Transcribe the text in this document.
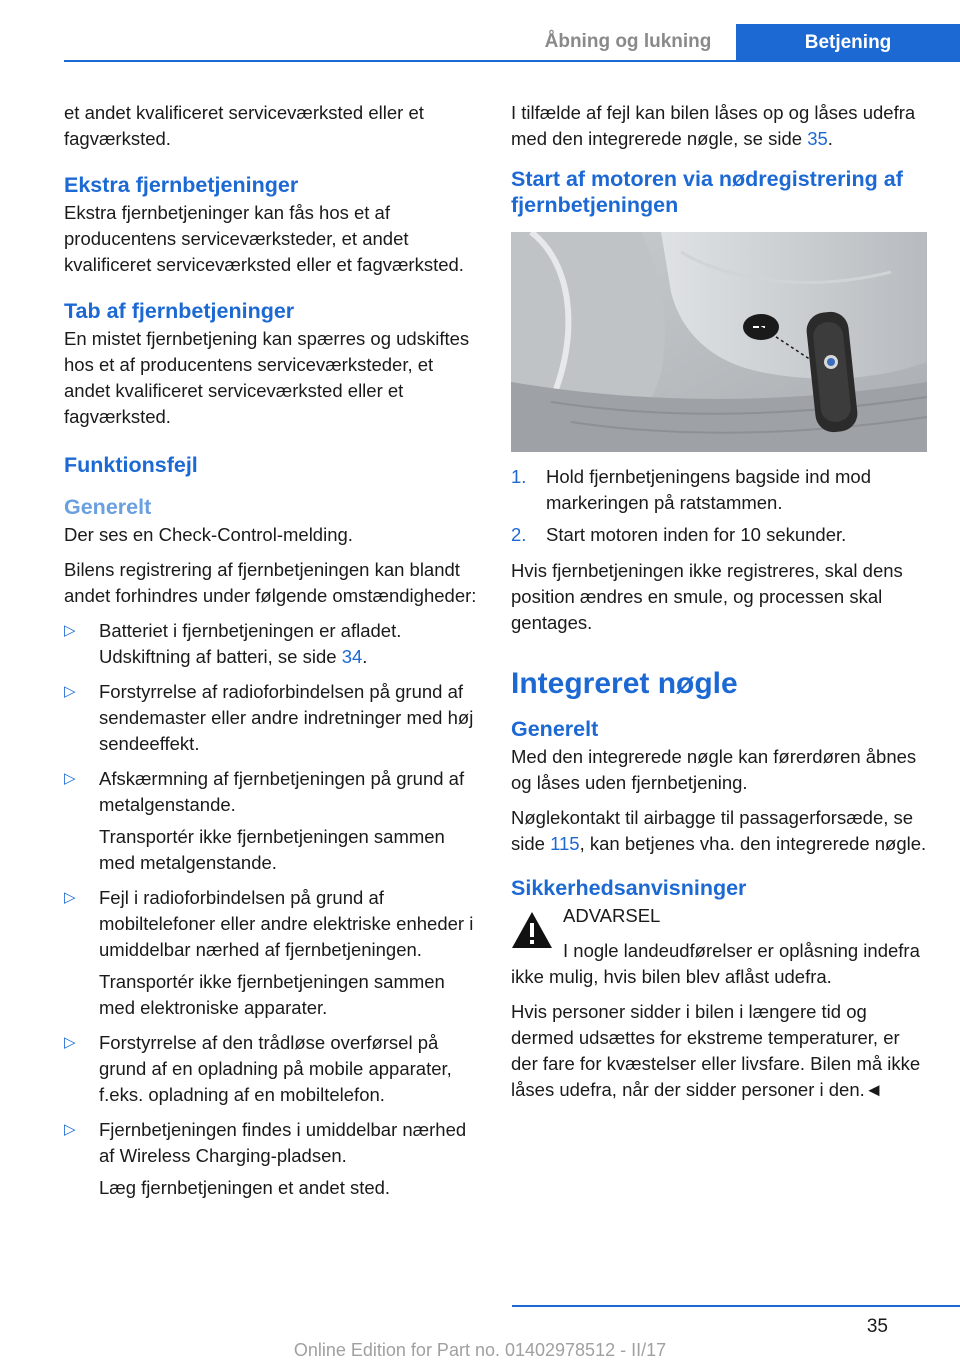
Åbning og lukning	Betjening

et andet kvalificeret serviceværksted eller et fagværksted.

Ekstra fjernbetjeninger

Ekstra fjernbetjeninger kan fås hos et af producentens serviceværksteder, et andet kvalificeret serviceværksted eller et fagværksted.

Tab af fjernbetjeninger

En mistet fjernbetjening kan spærres og udskiftes hos et af producentens serviceværksteder, et andet kvalificeret serviceværksted eller et fagværksted.

Funktionsfejl
Generelt

Der ses en Check-Control-melding.

Bilens registrering af fjernbetjeningen kan blandt andet forhindres under følgende omstændigheder:

▷ Batteriet i fjernbetjeningen er afladet. Udskiftning af batteri, se side 34.
▷ Forstyrrelse af radioforbindelsen på grund af sendemaster eller andre indretninger med høj sendeeffekt.
▷ Afskærmning af fjernbetjeningen på grund af metalgenstande.

Transportér ikke fjernbetjeningen sammen med metalgenstande.

▷ Fejl i radioforbindelsen på grund af mobiltelefoner eller andre elektriske enheder i umiddelbar nærhed af fjernbetjeningen.

Transportér ikke fjernbetjeningen sammen med elektroniske apparater.

▷ Forstyrrelse af den trådløse overførsel på grund af en opladning på mobile apparater, f.eks. opladning af en mobiltelefon.
▷ Fjernbetjeningen findes i umiddelbar nærhed af Wireless Charging-pladsen.

Læg fjernbetjeningen et andet sted.

I tilfælde af fejl kan bilen låses op og låses udefra med den integrerede nøgle, se side 35.

Start af motoren via nødregistrering af fjernbetjeningen
1. Hold fjernbetjeningens bagside ind mod markeringen på ratstammen.
2. Start motoren inden for 10 sekunder.

Hvis fjernbetjeningen ikke registreres, skal dens position ændres en smule, og processen skal gentages.

Integreret nøgle
Generelt

Med den integrerede nøgle kan førerdøren åbnes og låses uden fjernbetjening.

Nøglekontakt til airbagge til passagerforsæde, se side 115, kan betjenes vha. den integrerede nøgle.

Sikkerhedsanvisninger

ADVARSEL

I nogle landeudførelser er oplåsning indefra ikke mulig, hvis bilen blev aflåst udefra.

Hvis personer sidder i bilen i længere tid og dermed udsættes for ekstreme temperaturer, er der fare for kvæstelser eller livsfare. Bilen må ikke låses udefra, når der sidder personer i den.◄

35
Online Edition for Part no. 01402978512 - II/17
